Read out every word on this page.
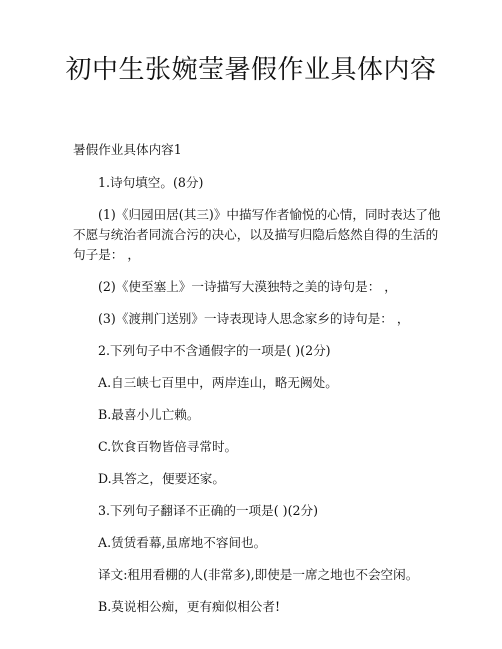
初中生张婉莹暑假作业具体内容

暑假作业具体内容1

1.诗句填空。(8分)

(1)《归园田居(其三)》中描写作者愉悦的心情，同时表达了他不愿与统治者同流合污的决心，以及描写归隐后悠然自得的生活的句子是： ，

(2)《使至塞上》一诗描写大漠独特之美的诗句是： ，

(3)《渡荆门送别》一诗表现诗人思念家乡的诗句是： ，

2.下列句子中不含通假字的一项是( )(2分)

A.自三峡七百里中，两岸连山，略无阙处。

B.最喜小儿亡赖。

C.饮食百物皆倍寻常时。

D.具答之，便要还家。

3.下列句子翻译不正确的一项是( )(2分)

A.赁赁看幕,虽席地不容间也。

译文:租用看棚的人(非常多),即使是一席之地也不会空闲。

B.莫说相公痴，更有痴似相公者!
